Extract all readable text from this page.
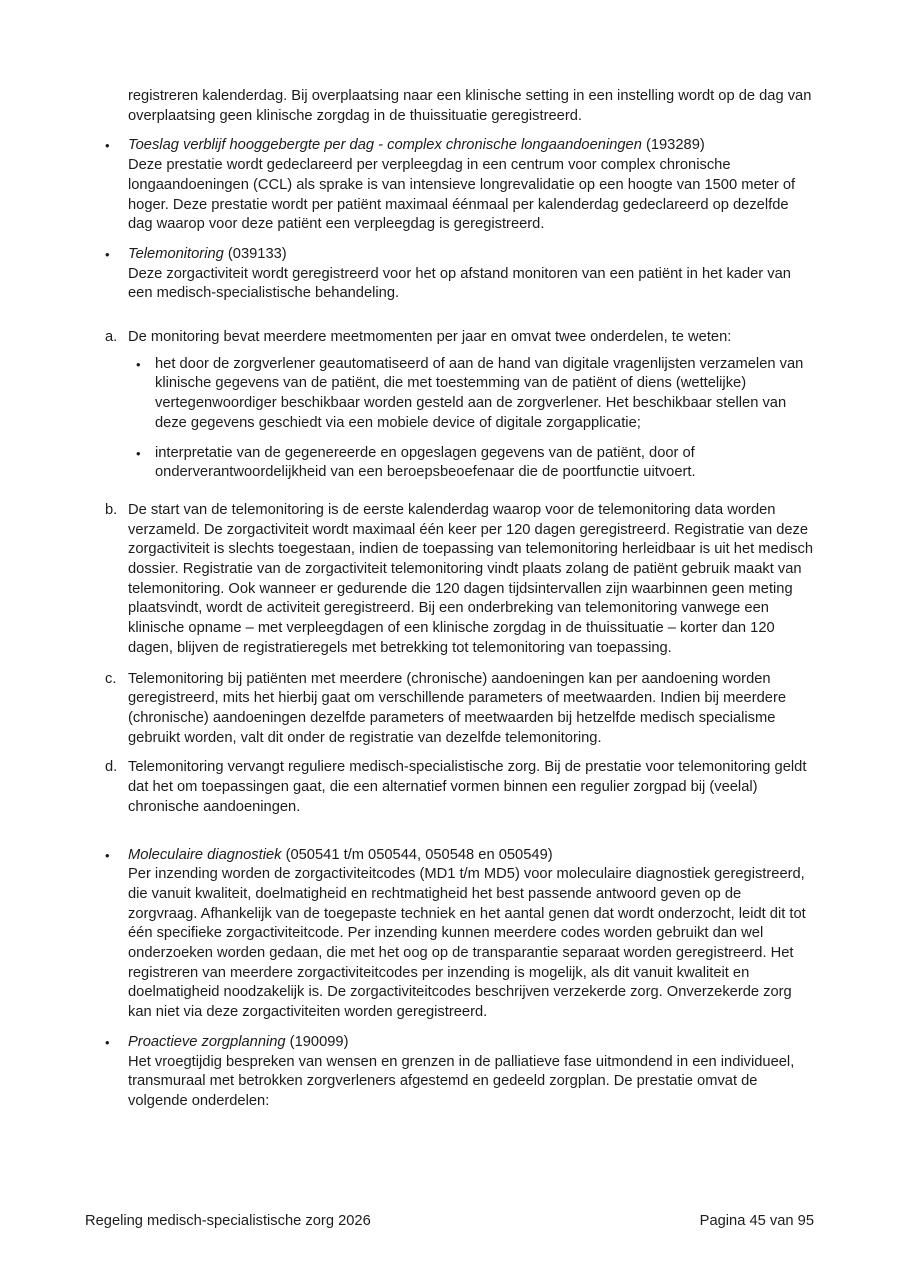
registreren kalenderdag. Bij overplaatsing naar een klinische setting in een instelling wordt op de dag van overplaatsing geen klinische zorgdag in de thuissituatie geregistreerd.

•	Toeslag verblijf hooggebergte per dag - complex chronische longaandoeningen (193289)
Deze prestatie wordt gedeclareerd per verpleegdag in een centrum voor complex chronische longaandoeningen (CCL) als sprake is van intensieve longrevalidatie op een hoogte van 1500 meter of hoger. Deze prestatie wordt per patiënt maximaal éénmaal per kalenderdag gedeclareerd op dezelfde dag waarop voor deze patiënt een verpleegdag is geregistreerd.
•	Telemonitoring (039133)
Deze zorgactiviteit wordt geregistreerd voor het op afstand monitoren van een patiënt in het kader van een medisch-specialistische behandeling.
a. De monitoring bevat meerdere meetmomenten per jaar en omvat twee onderdelen, te weten:
• het door de zorgverlener geautomatiseerd of aan de hand van digitale vragenlijsten verzamelen van klinische gegevens van de patiënt, die met toestemming van de patiënt of diens (wettelijke) vertegenwoordiger beschikbaar worden gesteld aan de zorgverlener. Het beschikbaar stellen van deze gegevens geschiedt via een mobiele device of digitale zorgapplicatie;
• interpretatie van de gegenereerde en opgeslagen gegevens van de patiënt, door of onderverantwoordelijkheid van een beroepsbeoefenaar die de poortfunctie uitvoert.
b. De start van de telemonitoring is de eerste kalenderdag waarop voor de telemonitoring data worden verzameld. De zorgactiviteit wordt maximaal één keer per 120 dagen geregistreerd. Registratie van deze zorgactiviteit is slechts toegestaan, indien de toepassing van telemonitoring herleidbaar is uit het medisch dossier. Registratie van de zorgactiviteit telemonitoring vindt plaats zolang de patiënt gebruik maakt van telemonitoring. Ook wanneer er gedurende die 120 dagen tijdsintervallen zijn waarbinnen geen meting plaatsvindt, wordt de activiteit geregistreerd. Bij een onderbreking van telemonitoring vanwege een klinische opname – met verpleegdagen of een klinische zorgdag in de thuissituatie – korter dan 120 dagen, blijven de registratieregels met betrekking tot telemonitoring van toepassing.
c. Telemonitoring bij patiënten met meerdere (chronische) aandoeningen kan per aandoening worden geregistreerd, mits het hierbij gaat om verschillende parameters of meetwaarden. Indien bij meerdere (chronische) aandoeningen dezelfde parameters of meetwaarden bij hetzelfde medisch specialisme gebruikt worden, valt dit onder de registratie van dezelfde telemonitoring.
d. Telemonitoring vervangt reguliere medisch-specialistische zorg. Bij de prestatie voor telemonitoring geldt dat het om toepassingen gaat, die een alternatief vormen binnen een regulier zorgpad bij (veelal) chronische aandoeningen.
•	Moleculaire diagnostiek (050541 t/m 050544, 050548 en 050549)
Per inzending worden de zorgactiviteitcodes (MD1 t/m MD5) voor moleculaire diagnostiek geregistreerd, die vanuit kwaliteit, doelmatigheid en rechtmatigheid het best passende antwoord geven op de zorgvraag. Afhankelijk van de toegepaste techniek en het aantal genen dat wordt onderzocht, leidt dit tot één specifieke zorgactiviteitcode. Per inzending kunnen meerdere codes worden gebruikt dan wel onderzoeken worden gedaan, die met het oog op de transparantie separaat worden geregistreerd. Het registreren van meerdere zorgactiviteitcodes per inzending is mogelijk, als dit vanuit kwaliteit en doelmatigheid noodzakelijk is. De zorgactiviteitcodes beschrijven verzekerde zorg. Onverzekerde zorg kan niet via deze zorgactiviteiten worden geregistreerd.
•	Proactieve zorgplanning (190099)
Het vroegtijdig bespreken van wensen en grenzen in de palliatieve fase uitmondend in een individueel, transmuraal met betrokken zorgverleners afgestemd en gedeeld zorgplan. De prestatie omvat de volgende onderdelen:
Regeling medisch-specialistische zorg 2026	Pagina 45 van 95
